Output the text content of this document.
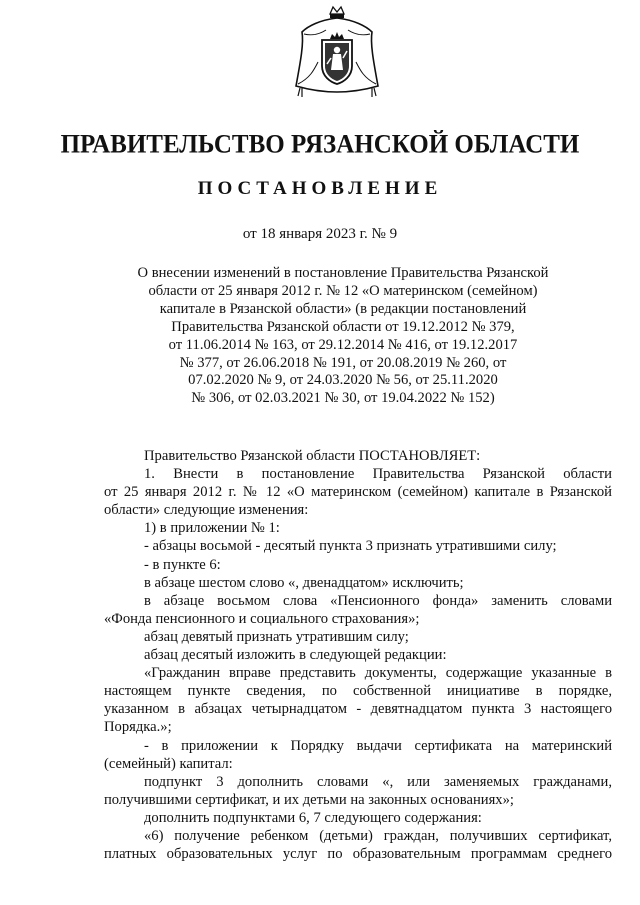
ПРАВИТЕЛЬСТВО РЯЗАНСКОЙ ОБЛАСТИ
ПОСТАНОВЛЕНИЕ
от 18 января 2023 г. № 9
О внесении изменений в постановление Правительства Рязанской
области от 25 января 2012 г. № 12 «О материнском (семейном)
капитале в Рязанской области» (в редакции постановлений
Правительства Рязанской области от 19.12.2012 № 379,
от 11.06.2014 № 163, от 29.12.2014 № 416, от 19.12.2017
№ 377, от 26.06.2018 № 191, от 20.08.2019 № 260, от
07.02.2020 № 9, от 24.03.2020 № 56, от 25.11.2020
№ 306, от 02.03.2021 № 30, от 19.04.2022 № 152)

Правительство Рязанской области ПОСТАНОВЛЯЕТ:

1. Внести в постановление Правительства Рязанской области

от 25 января 2012 г. № 12 «О материнском (семейном) капитале в Рязанской

области» следующие изменения:

1) в приложении № 1:

- абзацы восьмой - десятый пункта 3 признать утратившими силу;

- в пункте 6:

в абзаце шестом слово «, двенадцатом» исключить;

в абзаце восьмом слова «Пенсионного фонда» заменить словами

«Фонда пенсионного и социального страхования»;

абзац девятый признать утратившим силу;

абзац десятый изложить в следующей редакции:

«Гражданин вправе представить документы, содержащие указанные в

настоящем пункте сведения, по собственной инициативе в порядке,

указанном в абзацах четырнадцатом - девятнадцатом пункта 3 настоящего

Порядка.»;

- в приложении к Порядку выдачи сертификата на материнский

(семейный) капитал:

подпункт 3 дополнить словами «, или заменяемых гражданами,

получившими сертификат, и их детьми на законных основаниях»;

дополнить подпунктами 6, 7 следующего содержания:

«6) получение ребенком (детьми) граждан, получивших сертификат,

платных образовательных услуг по образовательным программам среднего
